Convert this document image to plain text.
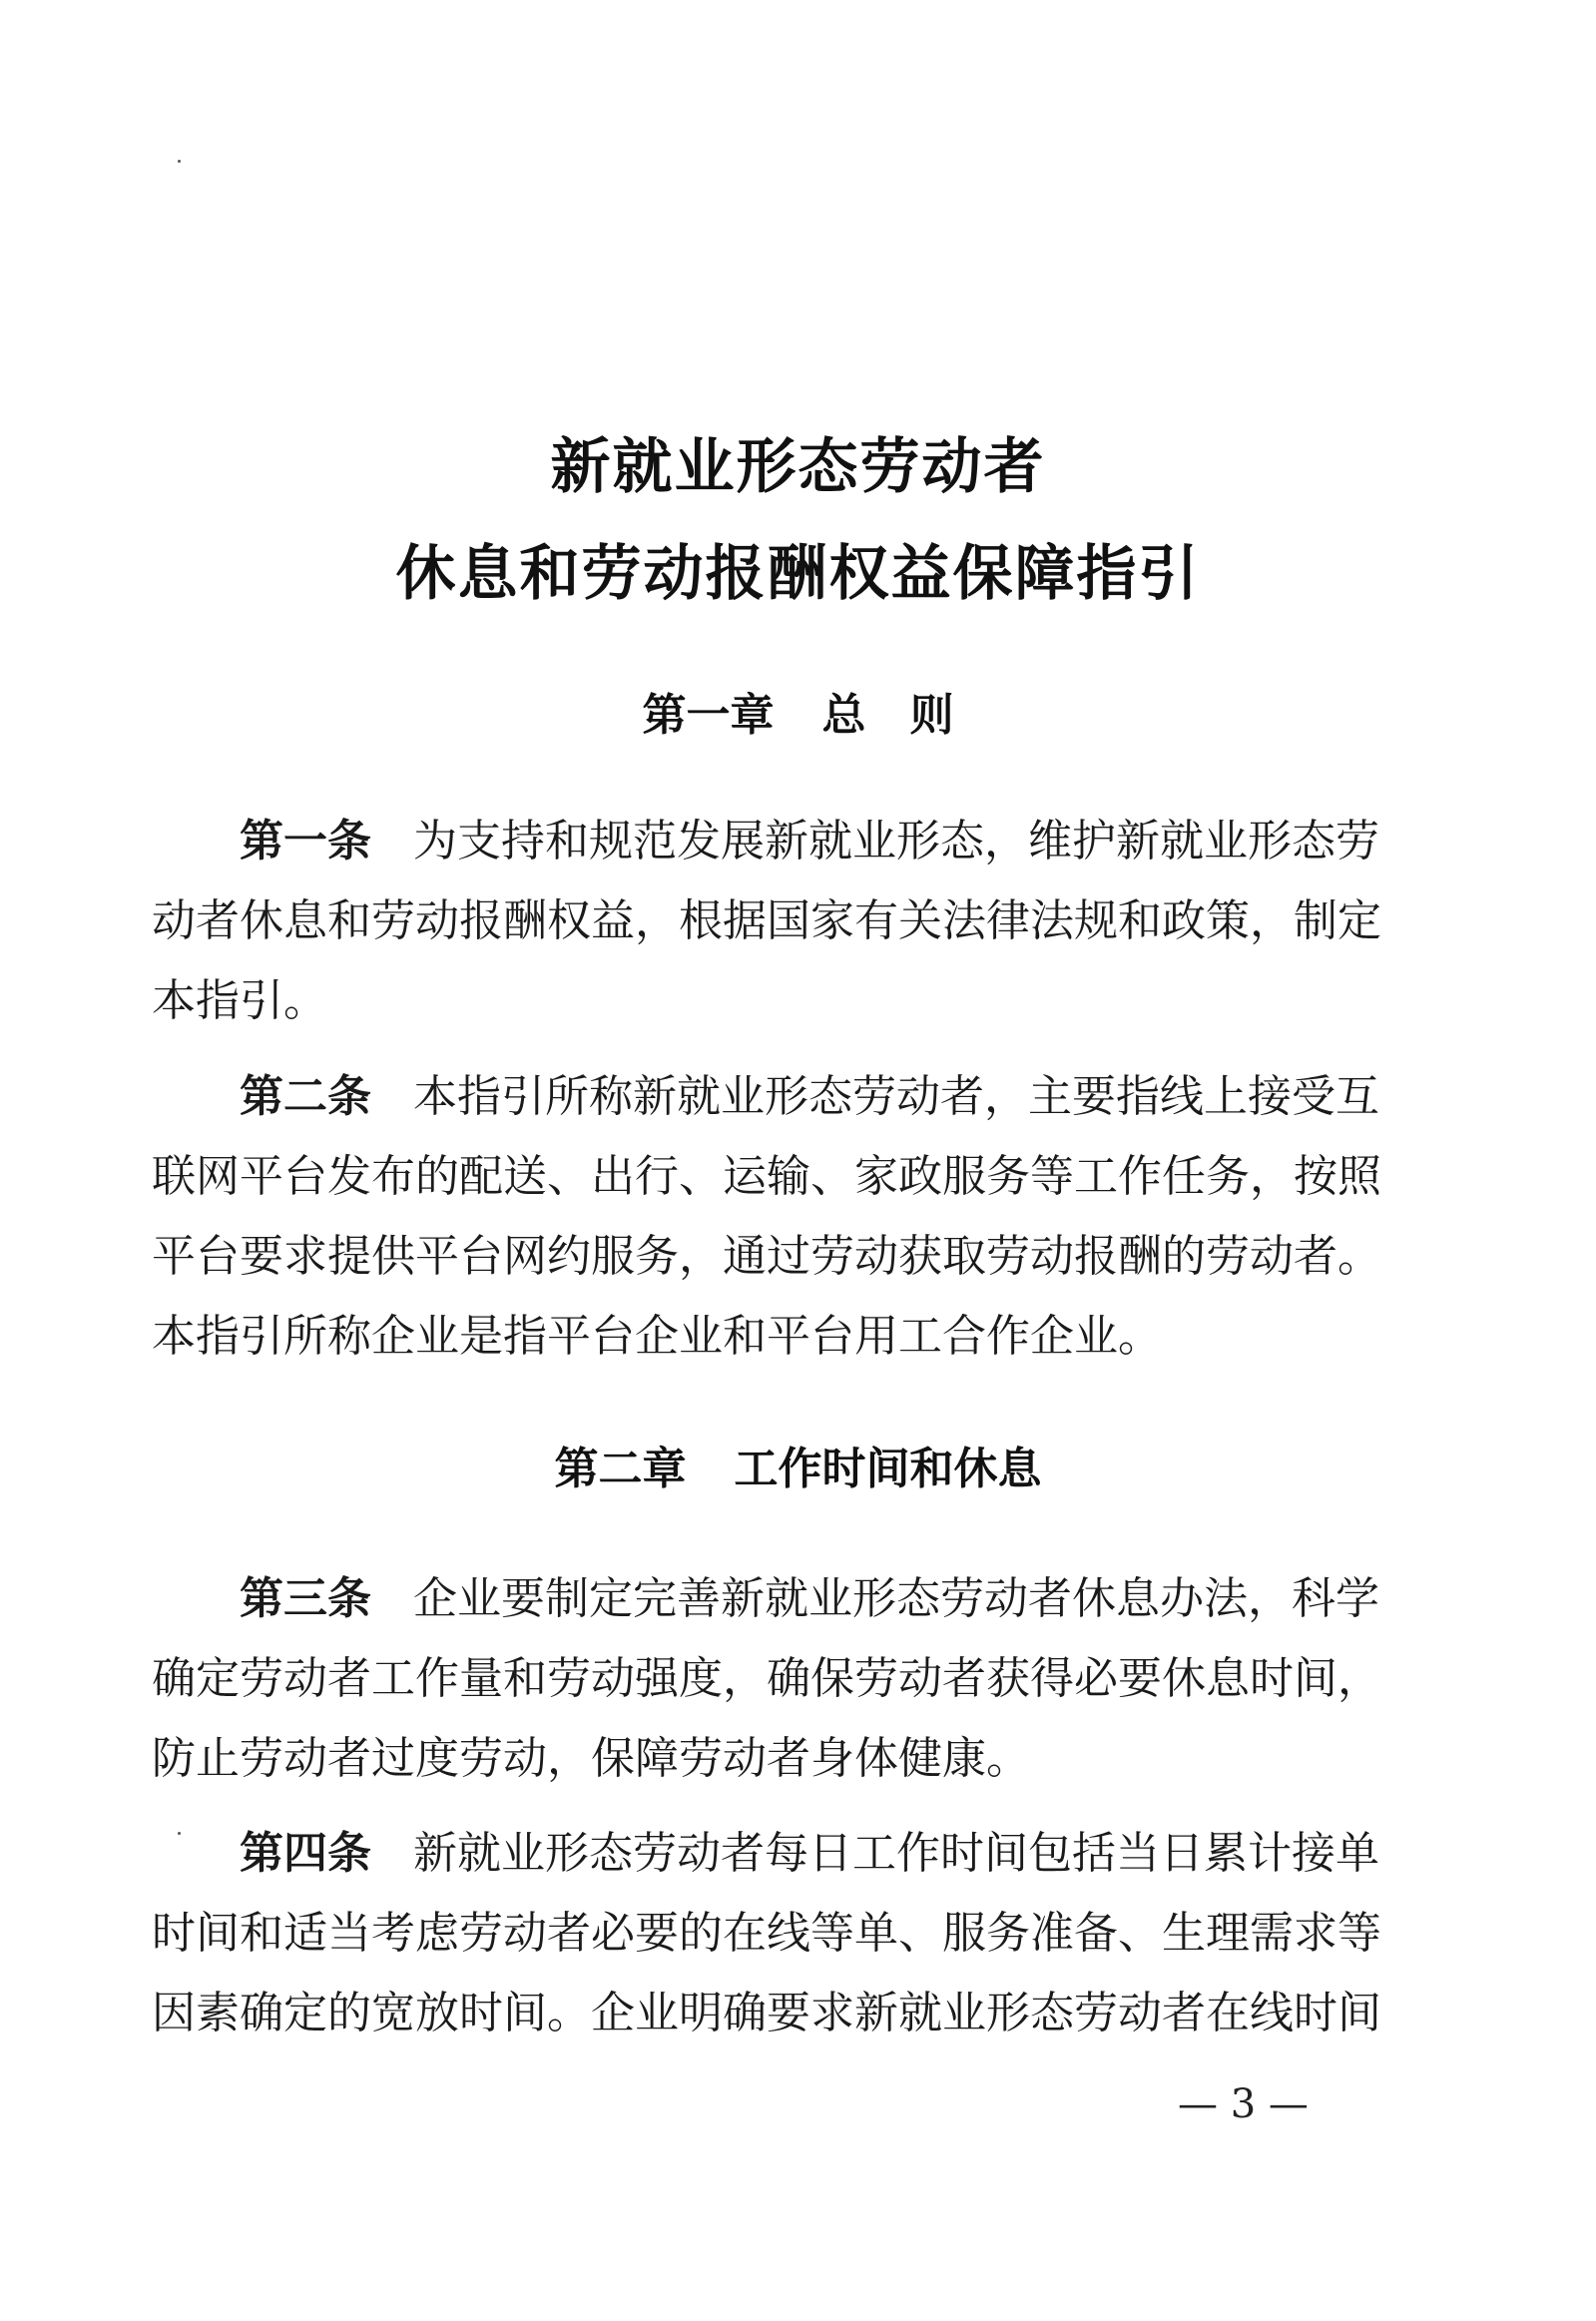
新就业形态劳动者
休息和劳动报酬权益保障指引
第一章 总 则
第一条 为支持和规范发展新就业形态，维护新就业形态劳
动者休息和劳动报酬权益，根据国家有关法律法规和政策，制定
本指引。
第二条 本指引所称新就业形态劳动者，主要指线上接受互
联网平台发布的配送、出行、运输、家政服务等工作任务，按照
平台要求提供平台网约服务，通过劳动获取劳动报酬的劳动者。
本指引所称企业是指平台企业和平台用工合作企业。
第二章 工作时间和休息
第三条 企业要制定完善新就业形态劳动者休息办法，科学
确定劳动者工作量和劳动强度，确保劳动者获得必要休息时间，
防止劳动者过度劳动，保障劳动者身体健康。
第四条 新就业形态劳动者每日工作时间包括当日累计接单
时间和适当考虑劳动者必要的在线等单、服务准备、生理需求等
因素确定的宽放时间。企业明确要求新就业形态劳动者在线时间
— 3 —
